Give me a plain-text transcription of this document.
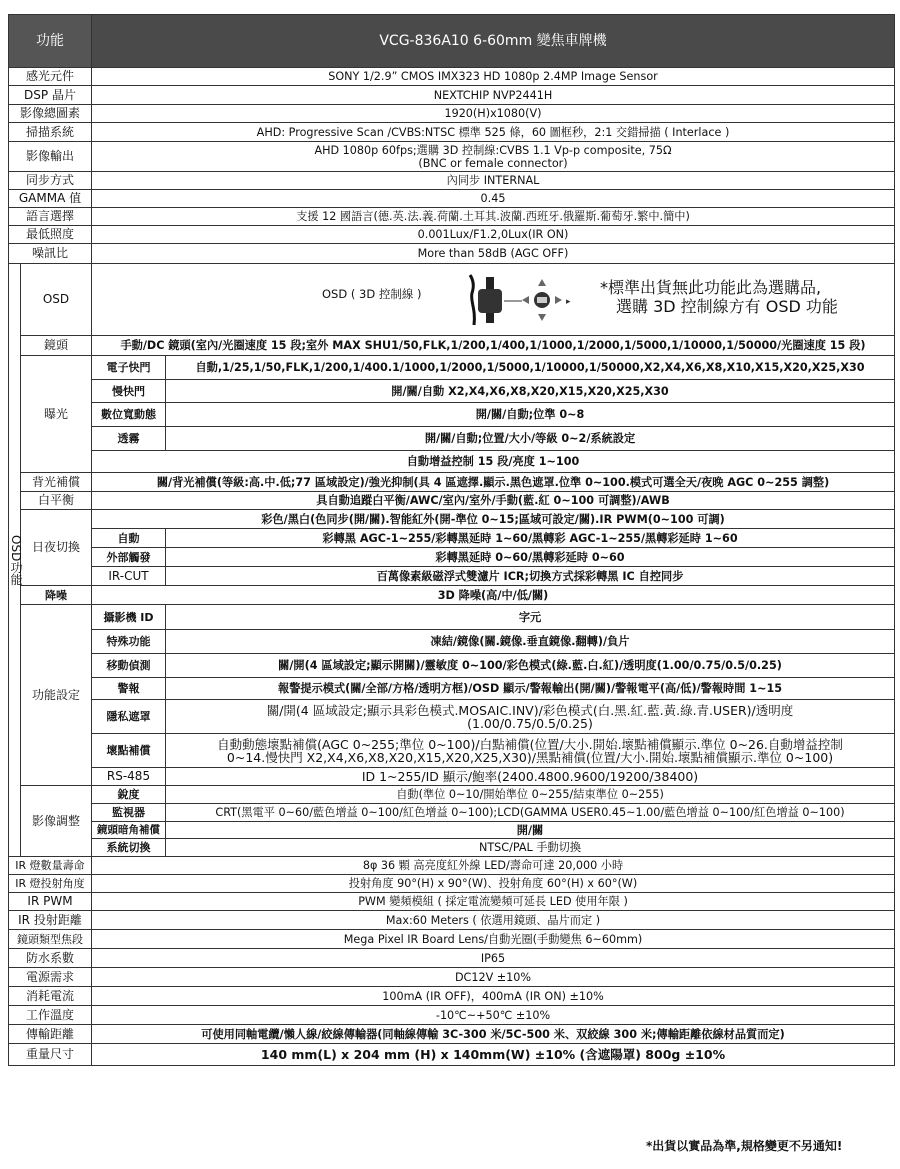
功能		VCG-836A10 6-60mm 變焦車牌機	
感光元件		SONY 1/2.9” CMOS IMX323 HD 1080p 2.4MP Image Sensor	
DSP 晶片		NEXTCHIP NVP2441H	
影像總圖素		1920(H)x1080(V)	
掃描系統		AHD: Progressive Scan /CVBS:NTSC 標準 525 條，60 圖框秒，2:1 交錯掃描 ( Interlace )	
影像輸出		AHD 1080p 60fps;選購 3D 控制線:CVBS 1.1 Vp-p composite, 75Ω
(BNC or female connector)	

同步方式		內同步 INTERNAL	
GAMMA 值		0.45	
語言選擇		支援 12 國語言(德.英.法.義.荷蘭.土耳其.波蘭.西班牙.俄羅斯.葡萄牙.繁中.簡中)	
最低照度		0.001Lux/F1.2,0Lux(IR ON)	
噪訊比		More than 58dB (AGC OFF)	

OSD功能	OSD	OSD ( 3D 控制線 )
▸
*標準出貨無此功能此為選購品,
選購 3D 控制線方有 OSD 功能	

	鏡頭	手動/DC 鏡頭(室內/光圈速度 15 段;室外 MAX SHU1/50,FLK,1/200,1/400,1/1000,1/2000,1/5000,1/10000,1/50000/光圈速度 15 段)	
	曝光	電子快門	自動,1/25,1/50,FLK,1/200,1/400.1/1000,1/2000,1/5000,1/10000,1/50000,X2,X4,X6,X8,X10,X15,X20,X25,X30
		慢快門	開/關/自動 X2,X4,X6,X8,X20,X15,X20,X25,X30
		數位寬動態	開/關/自動;位準 0~8
		透霧	開/關/自動;位置/大小/等級 0~2/系統設定
		自動增益控制 15 段/亮度 1~100	
	背光補償	關/背光補償(等級:高.中.低;77 區域設定)/強光抑制(具 4 區遮擇.顯示.黑色遮罩.位準 0~100.模式可選全天/夜晚 AGC 0~255 調整)	
	白平衡	具自動追蹤白平衡/AWC/室內/室外/手動(藍.紅 0~100 可調整)/AWB	
	日夜切換	彩色/黑白(色同步(開/關).智能紅外(開-準位 0~15;區域可設定/關).IR PWM(0~100 可調)	
		自動	彩轉黑 AGC-1~255/彩轉黑延時 1~60/黑轉彩 AGC-1~255/黑轉彩延時 1~60
		外部觸發	彩轉黑延時 0~60/黑轉彩延時 0~60
		IR-CUT	百萬像素級磁浮式雙濾片 ICR;切換方式採彩轉黑 IC 自控同步
	降噪	3D 降噪(高/中/低/關)	
	功能設定	攝影機 ID	字元
		特殊功能	凍結/鏡像(關.鏡像.垂直鏡像.翻轉)/負片
		移動偵測	關/開(4 區域設定;顯示開關)/靈敏度 0~100/彩色模式(綠.藍.白.紅)/透明度(1.00/0.75/0.5/0.25)
		警報	報警提示模式(關/全部/方格/透明方框)/OSD 顯示/警報輸出(開/關)/警報電平(高/低)/警報時間 1~15
		隱私遮罩	關/開(4 區域設定;顯示具彩色模式.MOSAIC.INV)/彩色模式(白.黑.紅.藍.黃.綠.青.USER)/透明度
(1.00/0.75/0.5/0.25)

		壞點補償	自動動態壞點補償(AGC 0~255;準位 0~100)/白點補償(位置/大小.開始.壞點補償顯示.準位 0~26.自動增益控制
0~14.慢快門 X2,X4,X6,X8,X20,X15,X20,X25,X30)/黑點補償(位置/大小.開始.壞點補償顯示.準位 0~100)

		RS-485	ID 1~255/ID 顯示/鮑率(2400.4800.9600/19200/38400)
	影像調整	銳度	自動(準位 0~10/開始準位 0~255/結束準位 0~255)
		監視器	CRT(黑電平 0~60/藍色增益 0~100/紅色增益 0~100);LCD(GAMMA USER0.45~1.00/藍色增益 0~100/紅色增益 0~100)
		鏡頭暗角補償	開/關
		系統切換	NTSC/PAL 手動切換
IR 燈數量壽命		8φ 36 顆 高亮度紅外線 LED/壽命可達 20,000 小時	
IR 燈投射角度		投射角度 90°(H) x 90°(W)、投射角度 60°(H) x 60°(W)	
IR PWM		PWM 變頻模組 ( 採定電流變頻可延長 LED 使用年限 )	
IR 投射距離		Max:60 Meters ( 依選用鏡頭、晶片而定 )	
鏡頭類型焦段		Mega Pixel IR Board Lens/自動光圈(手動變焦 6~60mm)	
防水系數		IP65	
電源需求		DC12V ±10%	
消耗電流		100mA (IR OFF)，400mA (IR ON) ±10%	
工作溫度		-10℃~+50℃ ±10%	
傳輸距離		可使用同軸電纜/懶人線/絞線傳輸器(同軸線傳輸 3C-300 米/5C-500 米、双絞線 300 米;傳輸距離依線材品質而定)	
重量尺寸		140 mm(L) x 204 mm (H) x 140mm(W) ±10% (含遮陽罩) 800g ±10%	
*出貨以實品為準,規格變更不另通知!
